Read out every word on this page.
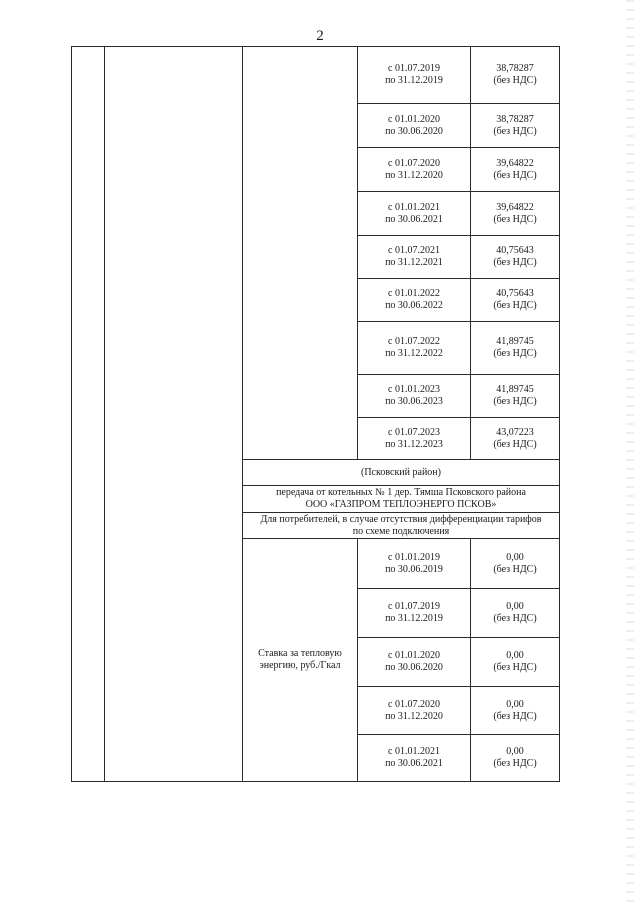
2
с 01.07.2019
по 31.12.2019
38,78287
(без НДС)
с 01.01.2020
по 30.06.2020
38,78287
(без НДС)
с 01.07.2020
по 31.12.2020
39,64822
(без НДС)
с 01.01.2021
по 30.06.2021
39,64822
(без НДС)
с 01.07.2021
по 31.12.2021
40,75643
(без НДС)
с 01.01.2022
по 30.06.2022
40,75643
(без НДС)
с 01.07.2022
по 31.12.2022
41,89745
(без НДС)
с 01.01.2023
по 30.06.2023
41,89745
(без НДС)
с 01.07.2023
по 31.12.2023
43,07223
(без НДС)
(Псковский район)
передача от котельных № 1 дер. Тямша Псковского района
ООО «ГАЗПРОМ ТЕПЛОЭНЕРГО ПСКОВ»
Для потребителей, в случае отсутствия дифференциации тарифов
по схеме подключения
Ставка за тепловую
энергию, руб./Гкал
с 01.01.2019
по 30.06.2019
0,00
(без НДС)
с 01.07.2019
по 31.12.2019
0,00
(без НДС)
с 01.01.2020
по 30.06.2020
0,00
(без НДС)
с 01.07.2020
по 31.12.2020
0,00
(без НДС)
с 01.01.2021
по 30.06.2021
0,00
(без НДС)
